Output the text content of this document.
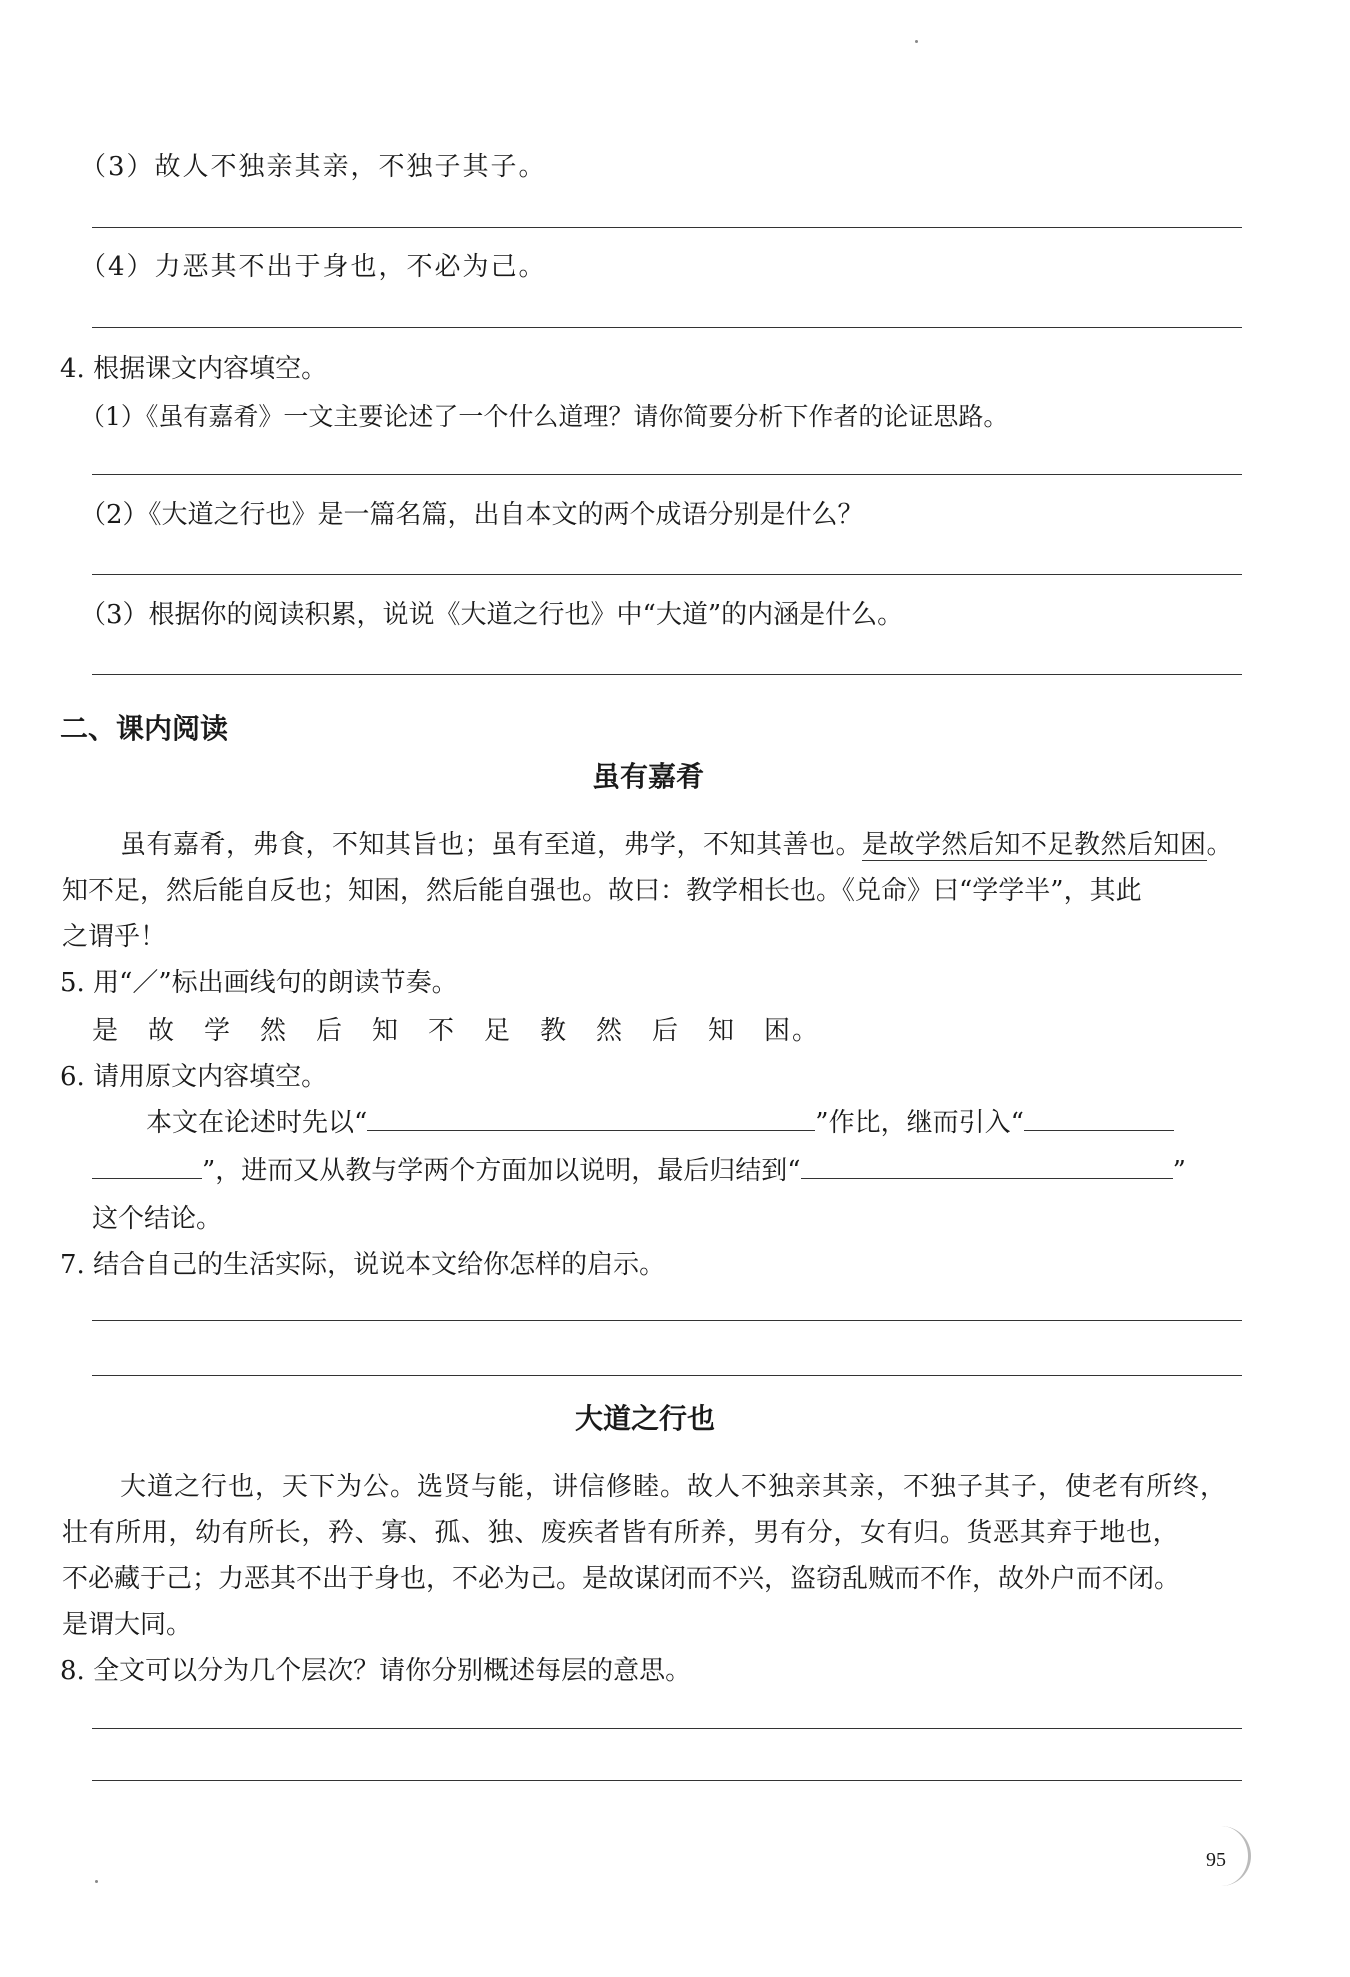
（3）故人不独亲其亲，不独子其子。
（4）力恶其不出于身也，不必为己。
4. 根据课文内容填空。
（1）《虽有嘉肴》一文主要论述了一个什么道理？请你简要分析下作者的论证思路。
（2）《大道之行也》是一篇名篇，出自本文的两个成语分别是什么？
（3）根据你的阅读积累，说说《大道之行也》中“大道”的内涵是什么。
二、课内阅读
虽有嘉肴
虽有嘉肴，弗食，不知其旨也；虽有至道，弗学，不知其善也。是故学然后知不足教然后知困。
知不足，然后能自反也；知困，然后能自强也。故曰：教学相长也。《兑命》曰“学学半”，其此
之谓乎！
5. 用“／”标出画线句的朗读节奏。
是　故　学　然　后　知　不　足　教　然　后　知　困。
6. 请用原文内容填空。
本文在论述时先以“	”作比，继而引入“
”，进而又从教与学两个方面加以说明，最后归结到“	”
这个结论。
7. 结合自己的生活实际，说说本文给你怎样的启示。
大道之行也
大道之行也，天下为公。选贤与能，讲信修睦。故人不独亲其亲，不独子其子，使老有所终，
壮有所用，幼有所长，矜、寡、孤、独、废疾者皆有所养，男有分，女有归。货恶其弃于地也，
不必藏于己；力恶其不出于身也，不必为己。是故谋闭而不兴，盗窃乱贼而不作，故外户而不闭。
是谓大同。
8. 全文可以分为几个层次？请你分别概述每层的意思。
95
